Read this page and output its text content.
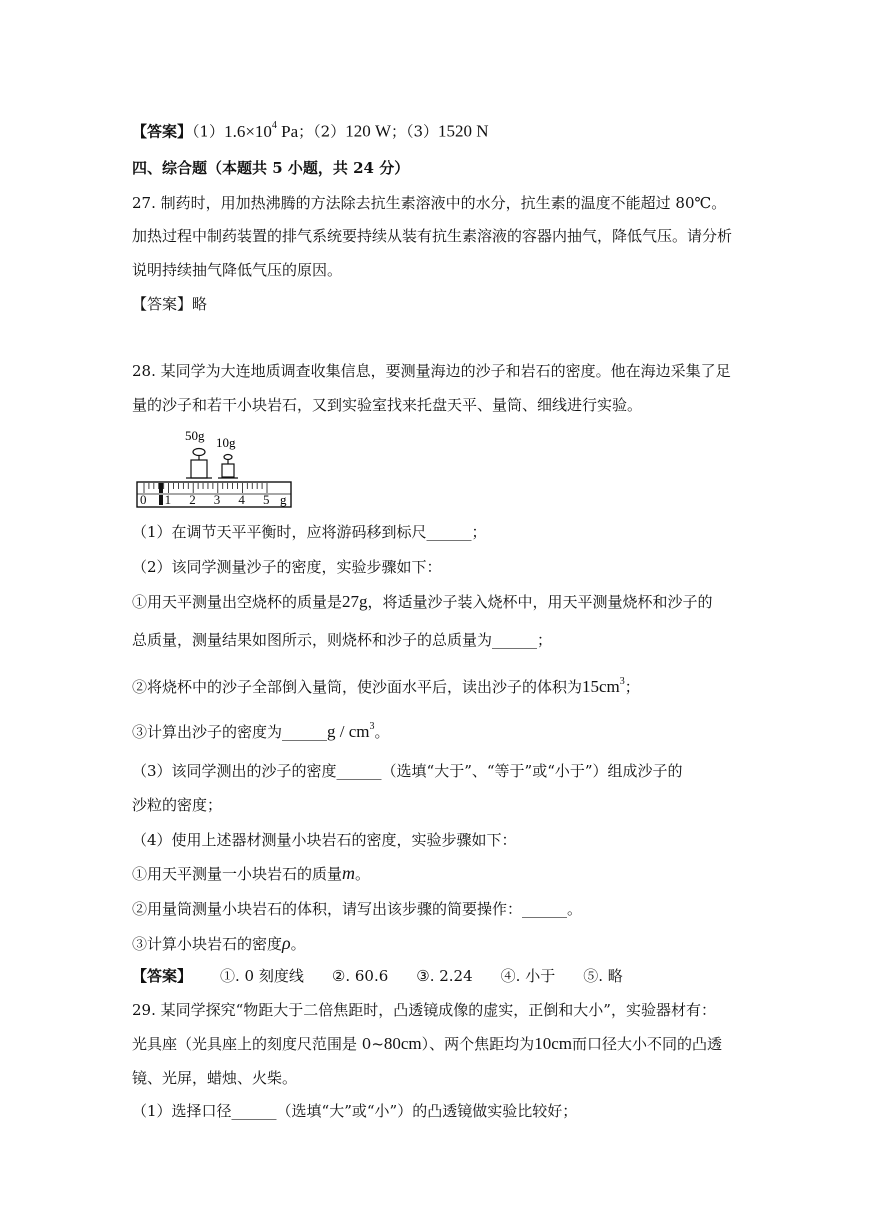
【答案】$(1)1.6\times 10^4$ Pa；（2）120 W；（3）1520 N
四、综合题（本题共 5 小题，共 24 分）
27. 制药时，用加热沸腾的方法除去抗生素溶液中的水分，抗生素的温度不能超过 80℃。
加热过程中制药装置的排气系统要持续从装有抗生素溶液的容器内抽气，降低气压。请分析
说明持续抽气降低气压的原因。
【答案】略
28. 某同学为大连地质调查收集信息，要测量海边的沙子和岩石的密度。他在海边采集了足
量的沙子和若干小块岩石，又到实验室找来托盘天平、量筒、细线进行实验。
50g 10g
0 1 2 3 4 5 g
（1）在调节天平平衡时，应将游码移到标尺______；
（2）该同学测量沙子的密度，实验步骤如下：
①用天平测量出空烧杯的质量是27g，将适量沙子装入烧杯中，用天平测量烧杯和沙子的
总质量，测量结果如图所示，则烧杯和沙子的总质量为______；
②将烧杯中的沙子全部倒入量筒，使沙面水平后，读出沙子的体积为$15cm^3$；
③计算出沙子的密度为______g / $cm^3$。
（3）该同学测出的沙子的密度______（选填“大于”、“等于”或“小于”）组成沙子的
沙粒的密度；
（4）使用上述器材测量小块岩石的密度，实验步骤如下：
①用天平测量一小块岩石的质量m。
②用量筒测量小块岩石的体积，请写出该步骤的简要操作：______。
③计算小块岩石的密度ρ。
【答案】 ①. 0 刻度线 ②. 60.6 ③. 2.24 ④. 小于 ⑤. 略
29. 某同学探究“物距大于二倍焦距时，凸透镜成像的虚实，正倒和大小”，实验器材有：
光具座（光具座上的刻度尺范围是 0~80cm）、两个焦距均为10cm而口径大小不同的凸透
镜、光屏，蜡烛、火柴。
（1）选择口径______（选填“大”或“小”）的凸透镜做实验比较好；
